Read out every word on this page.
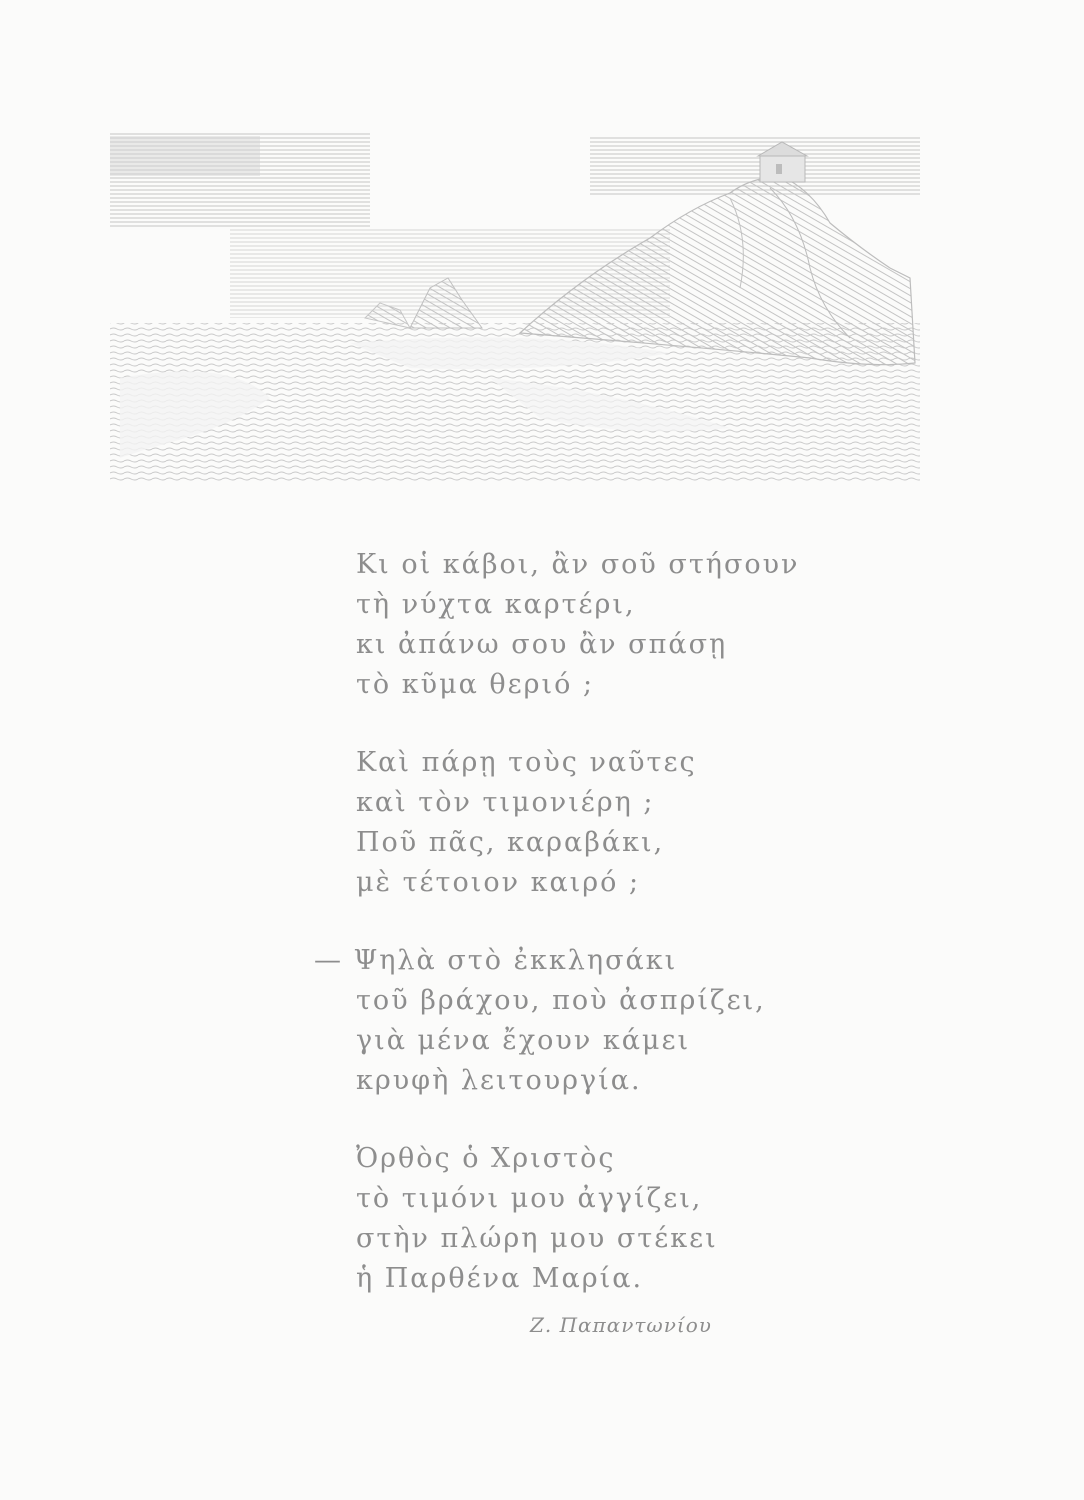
Κι οἱ κάβοι, ἂν σοῦ στήσουν
τὴ νύχτα καρτέρι,
κι ἀπάνω σου ἂν σπάσῃ
τὸ κῦμα θεριό ;
Καὶ πάρῃ τοὺς ναῦτες
καὶ τὸν τιμονιέρη ;
Ποῦ πᾶς, καραβάκι,
μὲ τέτοιον καιρό ;
— Ψηλὰ στὸ ἐκκλησάκι
τοῦ βράχου, ποὺ ἀσπρίζει,
γιὰ μένα ἔχουν κάμει
κρυφὴ λειτουργία.
Ὀρθὸς ὁ Χριστὸς
τὸ τιμόνι μου ἀγγίζει,
στὴν πλώρη μου στέκει
ἡ Παρθένα Μαρία.
Ζ. Παπαντωνίου
